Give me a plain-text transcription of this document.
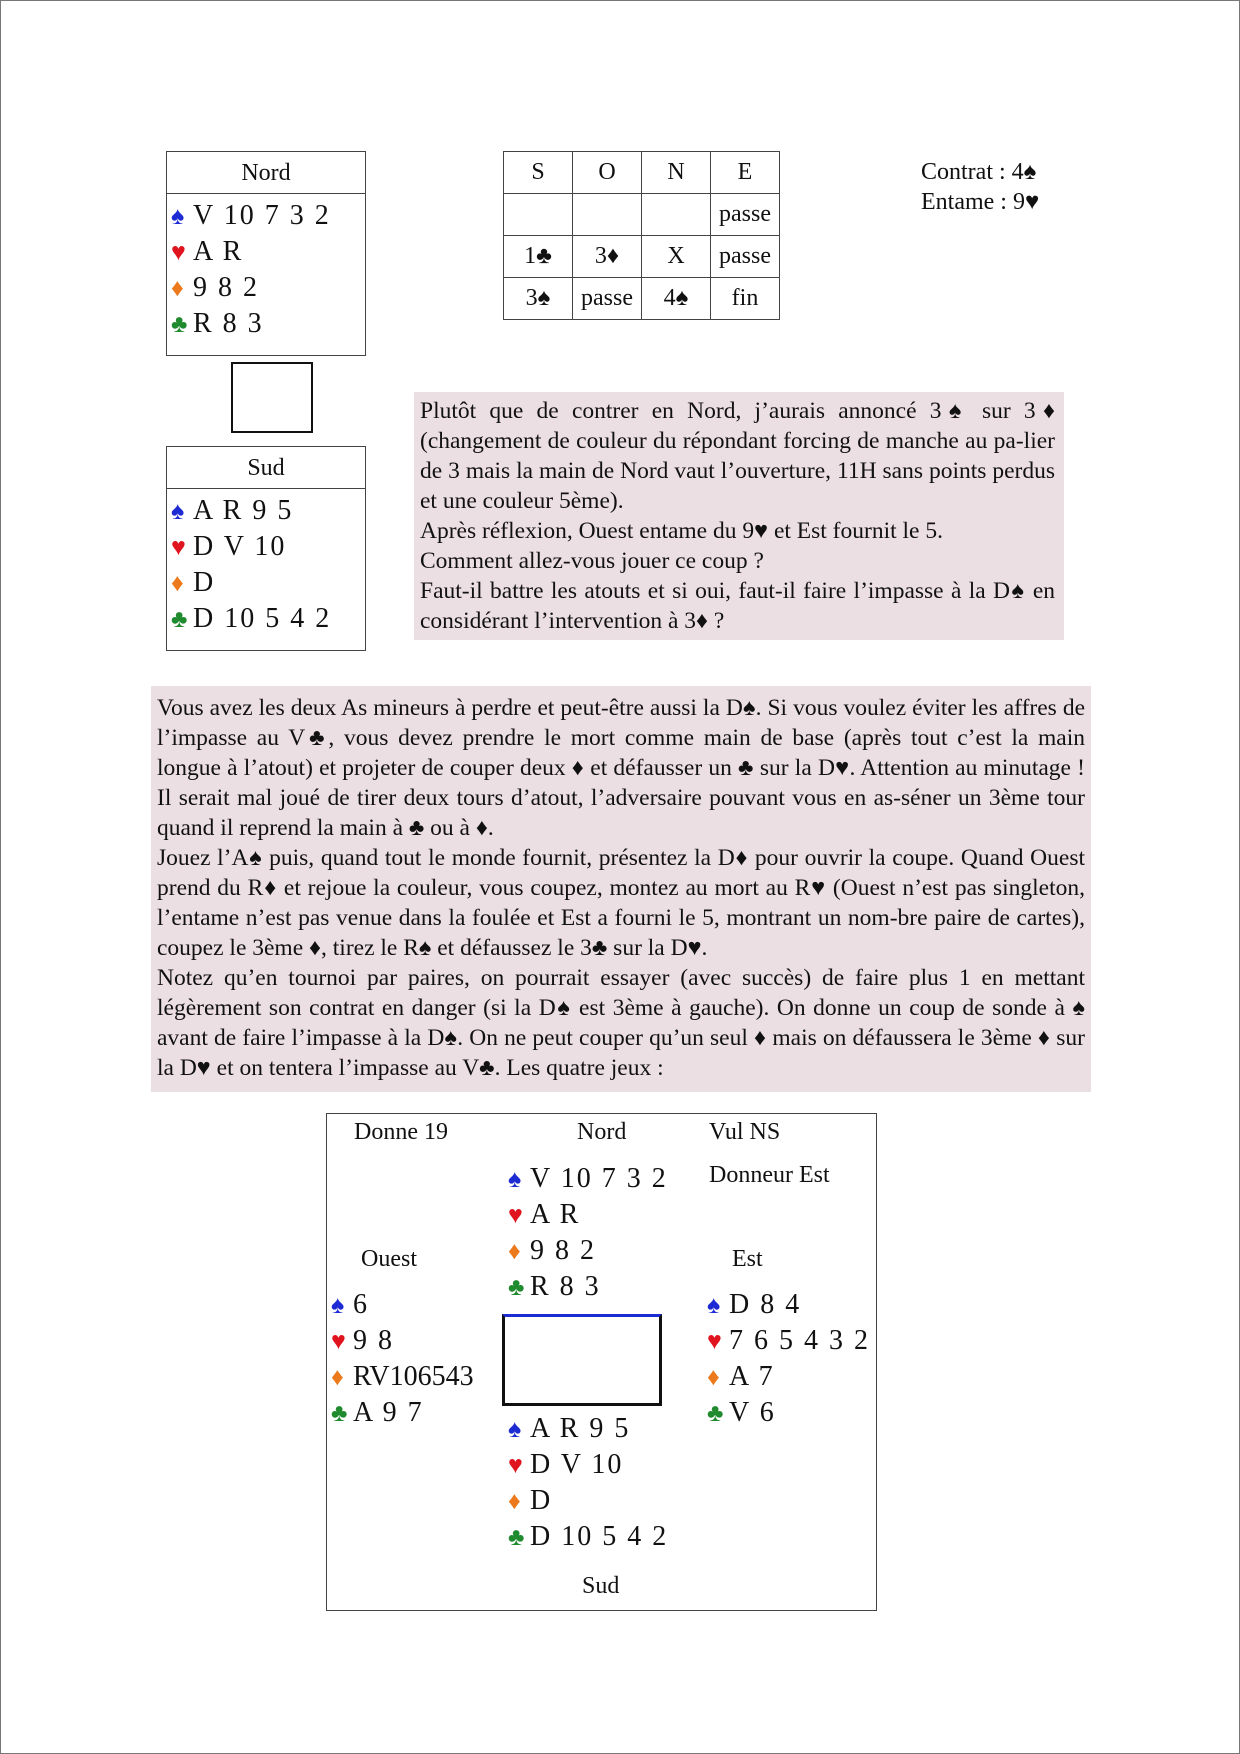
Nord
♠ V 10 7 3 2
♥ A R
♦ 9 8 2
♣ R 8 3
Sud
♠ A R 9 5
♥ D V 10
♦ D
♣ D 10 5 4 2
S	O	N	E
			passe
1♣	3♦	X	passe
3♠	passe	4♠	fin
Contrat : 4♠
Entame : 9♥

Plutôt que de contrer en Nord, j’aurais annoncé 3♠ sur 3♦ (changement de couleur du répondant forcing de manche au pa-lier de 3 mais la main de Nord vaut l’ouverture, 11H sans points perdus et une couleur 5ème).

Après réflexion, Ouest entame du 9♥ et Est fournit le 5.

Comment allez-vous jouer ce coup ?

Faut-il battre les atouts et si oui, faut-il faire l’impasse à la D♠ en considérant l’intervention à 3♦ ?

Vous avez les deux As mineurs à perdre et peut-être aussi la D♠. Si vous voulez éviter les affres de l’impasse au V♣, vous devez prendre le mort comme main de base (après tout c’est la main longue à l’atout) et projeter de couper deux ♦ et défausser un ♣ sur la D♥. Attention au minutage ! Il serait mal joué de tirer deux tours d’atout, l’adversaire pouvant vous en as-séner un 3ème tour quand il reprend la main à ♣ ou à ♦.

Jouez l’A♠ puis, quand tout le monde fournit, présentez la D♦ pour ouvrir la coupe. Quand Ouest prend du R♦ et rejoue la couleur, vous coupez, montez au mort au R♥ (Ouest n’est pas singleton, l’entame n’est pas venue dans la foulée et Est a fourni le 5, montrant un nom-bre paire de cartes), coupez le 3ème ♦, tirez le R♠ et défaussez le 3♣ sur la D♥.

Notez qu’en tournoi par paires, on pourrait essayer (avec succès) de faire plus 1 en mettant légèrement son contrat en danger (si la D♠ est 3ème à gauche). On donne un coup de sonde à ♠ avant de faire l’impasse à la D♠. On ne peut couper qu’un seul ♦ mais on défaussera le 3ème ♦ sur la D♥ et on tentera l’impasse au V♣. Les quatre jeux :

Donne 19	Nord	Vul NS
Donneur Est
Ouest	Est
Sud
♠ V 10 7 3 2
♥ A R
♦ 9 8 2
♣ R 8 3
♠ 6
♥ 9 8
♦ RV106543
♣ A 9 7
♠ D 8 4
♥ 7 6 5 4 3 2
♦ A 7
♣ V 6
♠ A R 9 5
♥ D V 10
♦ D
♣ D 10 5 4 2
